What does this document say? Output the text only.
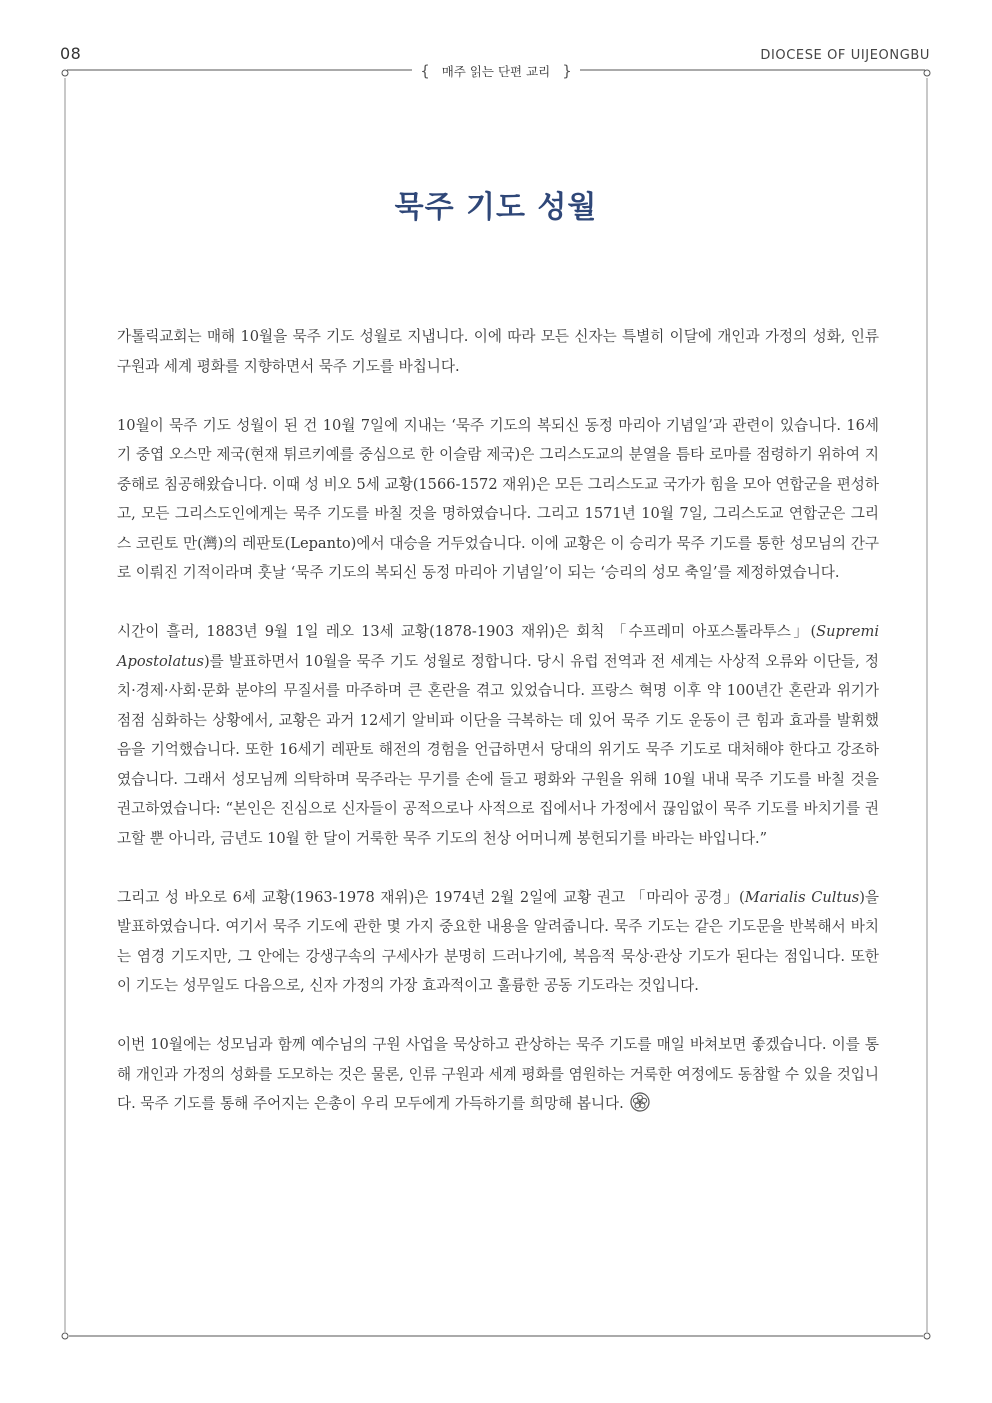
08	DIOCESE OF UIJEONGBU
{ 매주 읽는 단편 교리 }
묵주 기도 성월

가톨릭교회는 매해 10월을 묵주 기도 성월로 지냅니다. 이에 따라 모든 신자는 특별히 이달에 개인과 가정의 성화, 인류 구원과 세계 평화를 지향하면서 묵주 기도를 바칩니다.

10월이 묵주 기도 성월이 된 건 10월 7일에 지내는 ‘묵주 기도의 복되신 동정 마리아 기념일’과 관련이 있습니다. 16세기 중엽 오스만 제국(현재 튀르키예를 중심으로 한 이슬람 제국)은 그리스도교의 분열을 틈타 로마를 점령하기 위하여 지중해로 침공해왔습니다. 이때 성 비오 5세 교황(1566-1572 재위)은 모든 그리스도교 국가가 힘을 모아 연합군을 편성하고, 모든 그리스도인에게는 묵주 기도를 바칠 것을 명하였습니다. 그리고 1571년 10월 7일, 그리스도교 연합군은 그리스 코린토 만(灣)의 레판토(Lepanto)에서 대승을 거두었습니다. 이에 교황은 이 승리가 묵주 기도를 통한 성모님의 간구로 이뤄진 기적이라며 훗날 ‘묵주 기도의 복되신 동정 마리아 기념일’이 되는 ‘승리의 성모 축일’를 제정하였습니다.

시간이 흘러, 1883년 9월 1일 레오 13세 교황(1878-1903 재위)은 회칙 「수프레미 아포스톨라투스」(Supremi Apostolatus)를 발표하면서 10월을 묵주 기도 성월로 정합니다. 당시 유럽 전역과 전 세계는 사상적 오류와 이단들, 정치·경제·사회·문화 분야의 무질서를 마주하며 큰 혼란을 겪고 있었습니다. 프랑스 혁명 이후 약 100년간 혼란과 위기가 점점 심화하는 상황에서, 교황은 과거 12세기 알비파 이단을 극복하는 데 있어 묵주 기도 운동이 큰 힘과 효과를 발휘했음을 기억했습니다. 또한 16세기 레판토 해전의 경험을 언급하면서 당대의 위기도 묵주 기도로 대처해야 한다고 강조하였습니다. 그래서 성모님께 의탁하며 묵주라는 무기를 손에 들고 평화와 구원을 위해 10월 내내 묵주 기도를 바칠 것을 권고하였습니다: “본인은 진심으로 신자들이 공적으로나 사적으로 집에서나 가정에서 끊임없이 묵주 기도를 바치기를 권고할 뿐 아니라, 금년도 10월 한 달이 거룩한 묵주 기도의 천상 어머니께 봉헌되기를 바라는 바입니다.”

그리고 성 바오로 6세 교황(1963-1978 재위)은 1974년 2월 2일에 교황 권고 「마리아 공경」(Marialis Cultus)을 발표하였습니다. 여기서 묵주 기도에 관한 몇 가지 중요한 내용을 알려줍니다. 묵주 기도는 같은 기도문을 반복해서 바치는 염경 기도지만, 그 안에는 강생구속의 구세사가 분명히 드러나기에, 복음적 묵상·관상 기도가 된다는 점입니다. 또한 이 기도는 성무일도 다음으로, 신자 가정의 가장 효과적이고 훌륭한 공동 기도라는 것입니다.

이번 10월에는 성모님과 함께 예수님의 구원 사업을 묵상하고 관상하는 묵주 기도를 매일 바쳐보면 좋겠습니다. 이를 통해 개인과 가정의 성화를 도모하는 것은 물론, 인류 구원과 세계 평화를 염원하는 거룩한 여정에도 동참할 수 있을 것입니다. 묵주 기도를 통해 주어지는 은총이 우리 모두에게 가득하기를 희망해 봅니다.
